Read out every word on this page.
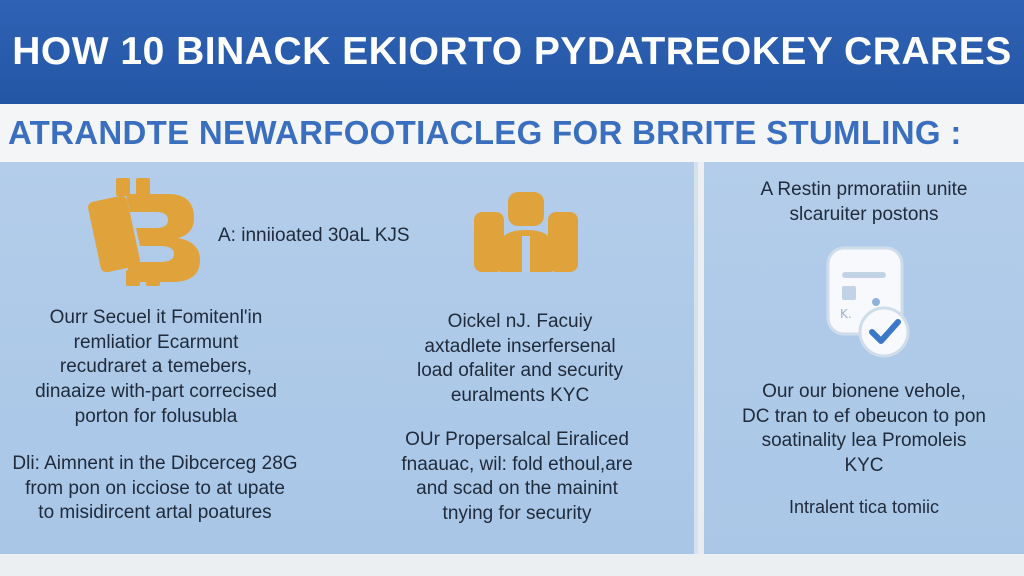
HOW 10 BINACK EKIORTO PYDATREOKEY CRARES
ATRANDTE NEWARFOOTIACLEG FOR BRRITE STUMLING :
A: inniioated 30aL KJS
Ourr Secuel it Fomitenl'in
remliatior Ecarmunt
recudraret a temebers,
dinaaize with-part correcised
porton for folusubla
Dli: Aimnent in the Dibcerceg 28G
from pon on icciose to at upate
to misidircent artal poatures
Oickel nJ. Facuiy
axtadlete inserfersenal
load ofaliter and security
euralments KYC
OUr Propersalcal Eiraliced
fnaauac, wil: fold ethoul,are
and scad on the mainint
tnying for security
A Restin prmoratiin unite
slcaruiter postons
K.
Our our bionene vehole,
DC tran to ef obeucon to pon
soatinality lea Promoleis
KYC
Intralent tica tomiic
